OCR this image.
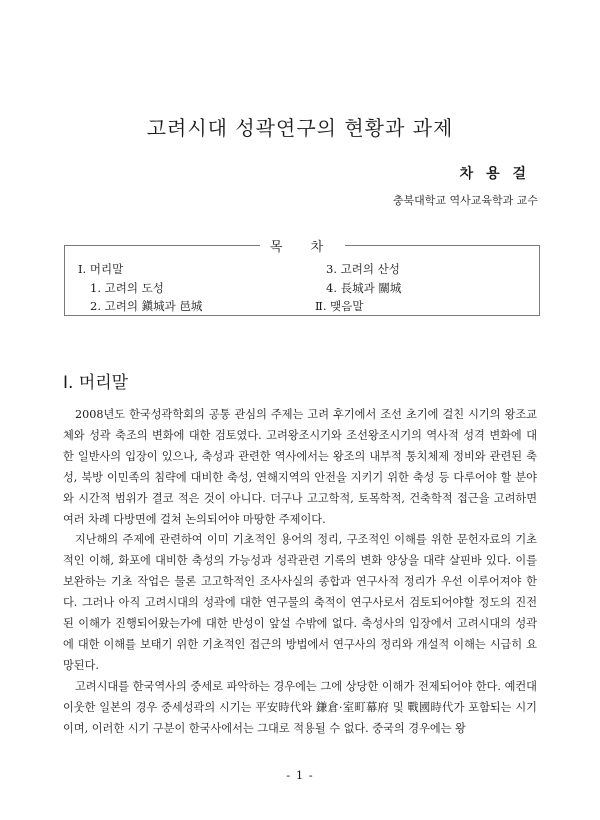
고려시대 성곽연구의 현황과 과제
차 용 걸
충북대학교 역사교육학과 교수
목 차
Ⅰ. 머리말
1. 고려의 도성
2. 고려의 鎭城과 邑城
3. 고려의 산성
4. 長城과 關城
Ⅱ. 맺음말
Ⅰ. 머리말

2008년도 한국성곽학회의 공통 관심의 주제는 고려 후기에서 조선 초기에 걸친 시기의 왕조교체와 성곽 축조의 변화에 대한 검토였다. 고려왕조시기와 조선왕조시기의 역사적 성격 변화에 대한 일반사의 입장이 있으나, 축성과 관련한 역사에서는 왕조의 내부적 통치체제 정비와 관련된 축성, 북방 이민족의 침략에 대비한 축성, 연해지역의 안전을 지키기 위한 축성 등 다루어야 할 분야와 시간적 범위가 결코 적은 것이 아니다. 더구나 고고학적, 토목학적, 건축학적 접근을 고려하면 여러 차례 다방면에 걸쳐 논의되어야 마땅한 주제이다.

지난해의 주제에 관련하여 이미 기초적인 용어의 정리, 구조적인 이해를 위한 문헌자료의 기초적인 이해, 화포에 대비한 축성의 가능성과 성곽관련 기록의 변화 양상을 대략 살핀바 있다. 이를 보완하는 기초 작업은 물론 고고학적인 조사사실의 종합과 연구사적 정리가 우선 이루어져야 한다. 그러나 아직 고려시대의 성곽에 대한 연구물의 축적이 연구사로서 검토되어야할 정도의 진전된 이해가 진행되어왔는가에 대한 반성이 앞설 수밖에 없다. 축성사의 입장에서 고려시대의 성곽에 대한 이해를 보태기 위한 기초적인 접근의 방법에서 연구사의 정리와 개설적 이해는 시급히 요망된다.

고려시대를 한국역사의 중세로 파악하는 경우에는 그에 상당한 이해가 전제되어야 한다. 예컨대 이웃한 일본의 경우 중세성곽의 시기는 平安時代와 鎌倉·室町幕府 및 戰國時代가 포함되는 시기이며, 이러한 시기 구분이 한국사에서는 그대로 적용될 수 없다. 중국의 경우에는 왕

- 1 -
